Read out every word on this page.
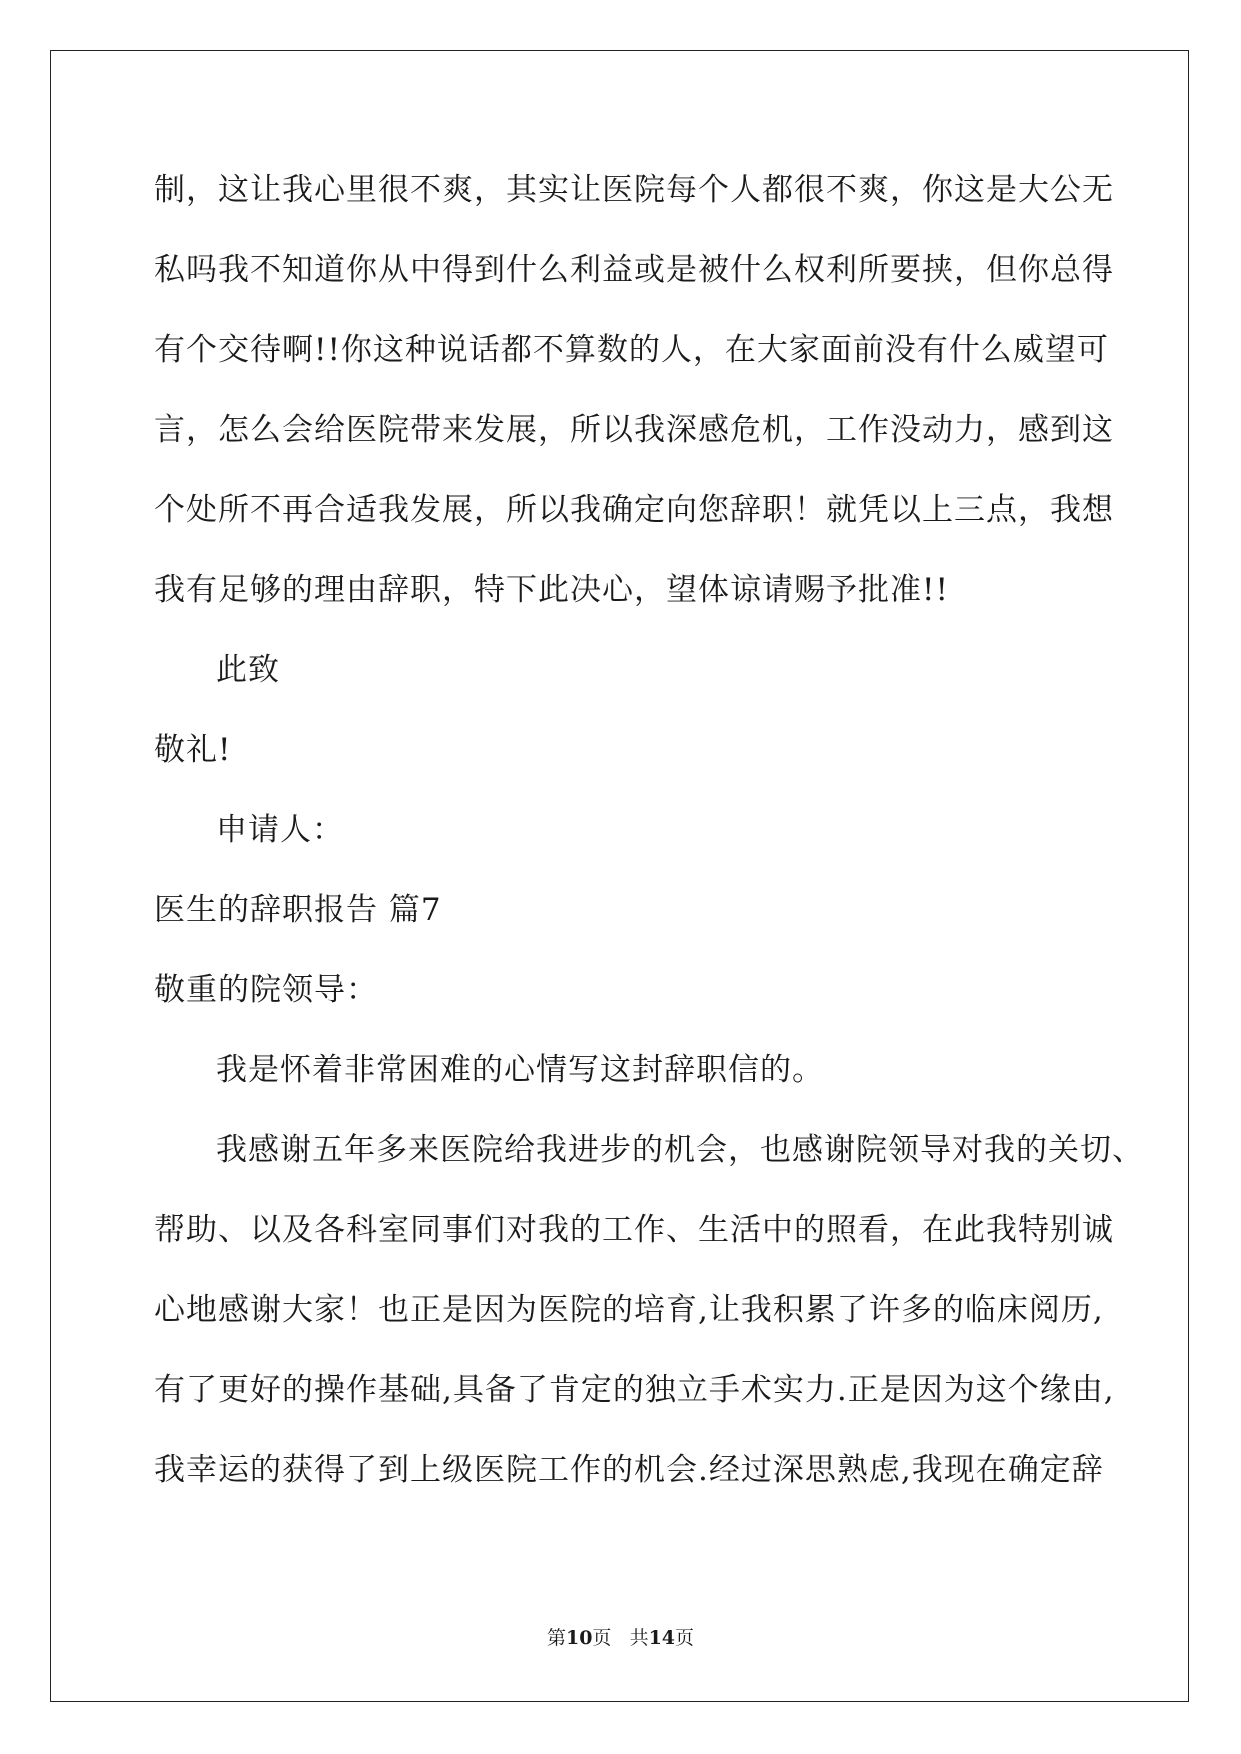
制，这让我心里很不爽，其实让医院每个人都很不爽，你这是大公无
私吗我不知道你从中得到什么利益或是被什么权利所要挟，但你总得
有个交待啊!!你这种说话都不算数的人，在大家面前没有什么威望可
言，怎么会给医院带来发展，所以我深感危机，工作没动力，感到这
个处所不再合适我发展，所以我确定向您辞职！就凭以上三点，我想
我有足够的理由辞职，特下此决心，望体谅请赐予批准!!
此致
敬礼!
申请人：
医生的辞职报告 篇7
敬重的院领导：
我是怀着非常困难的心情写这封辞职信的。
我感谢五年多来医院给我进步的机会，也感谢院领导对我的关切、
帮助、以及各科室同事们对我的工作、生活中的照看，在此我特别诚
心地感谢大家！也正是因为医院的培育,让我积累了许多的临床阅历,
有了更好的操作基础,具备了肯定的独立手术实力.正是因为这个缘由,
我幸运的获得了到上级医院工作的机会.经过深思熟虑,我现在确定辞
第10页 共14页
